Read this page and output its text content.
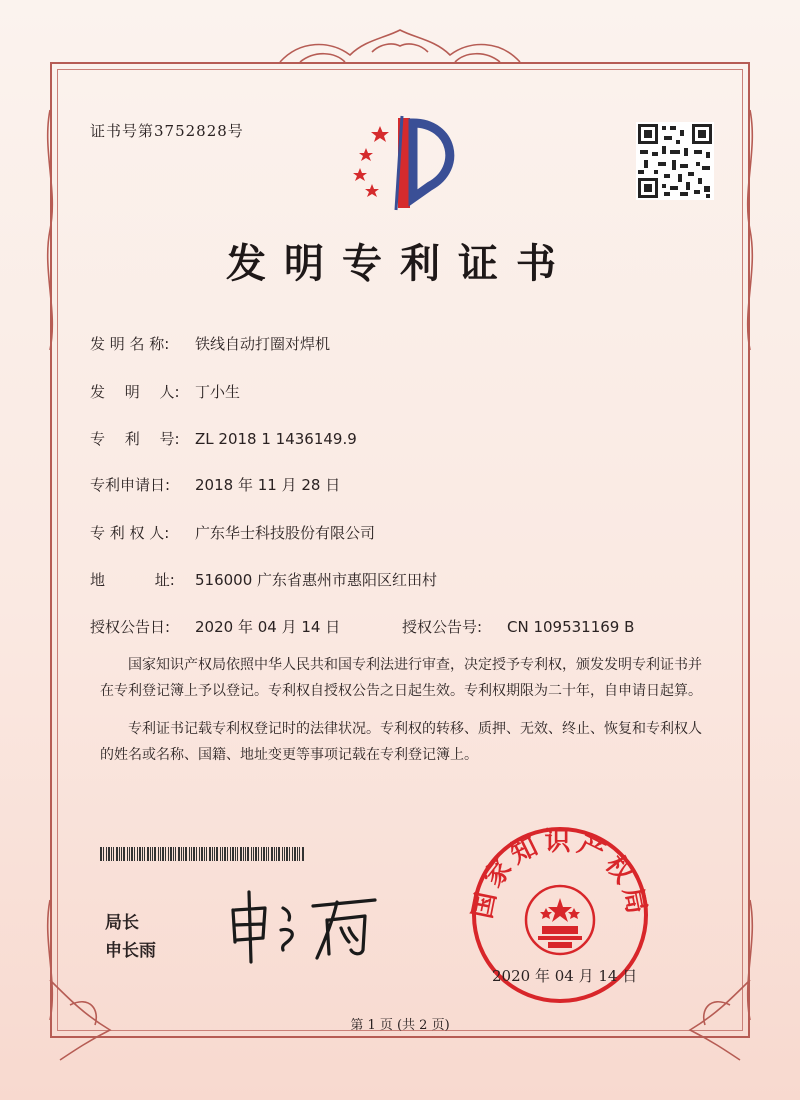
证书号第3752828号
发明专利证书
发 明 名 称: 铁线自动打圈对焊机
发　 明　 人: 丁小生
专　 利　 号: ZL 2018 1 1436149.9
专利申请日: 2018 年 11 月 28 日
专 利 权 人: 广东华士科技股份有限公司
地　　　 址: 516000 广东省惠州市惠阳区红田村
授权公告日: 2020 年 04 月 14 日	授权公告号: CN 109531169 B
国家知识产权局依照中华人民共和国专利法进行审查，决定授予专利权，颁发发明专利证书并在专利登记簿上予以登记。专利权自授权公告之日起生效。专利权期限为二十年，自申请日起算。
专利证书记载专利权登记时的法律状况。专利权的转移、质押、无效、终止、恢复和专利权人的姓名或名称、国籍、地址变更等事项记载在专利登记簿上。
局长
申长雨
国家知识产权局
2020 年 04 月 14 日
第 1 页 (共 2 页)
